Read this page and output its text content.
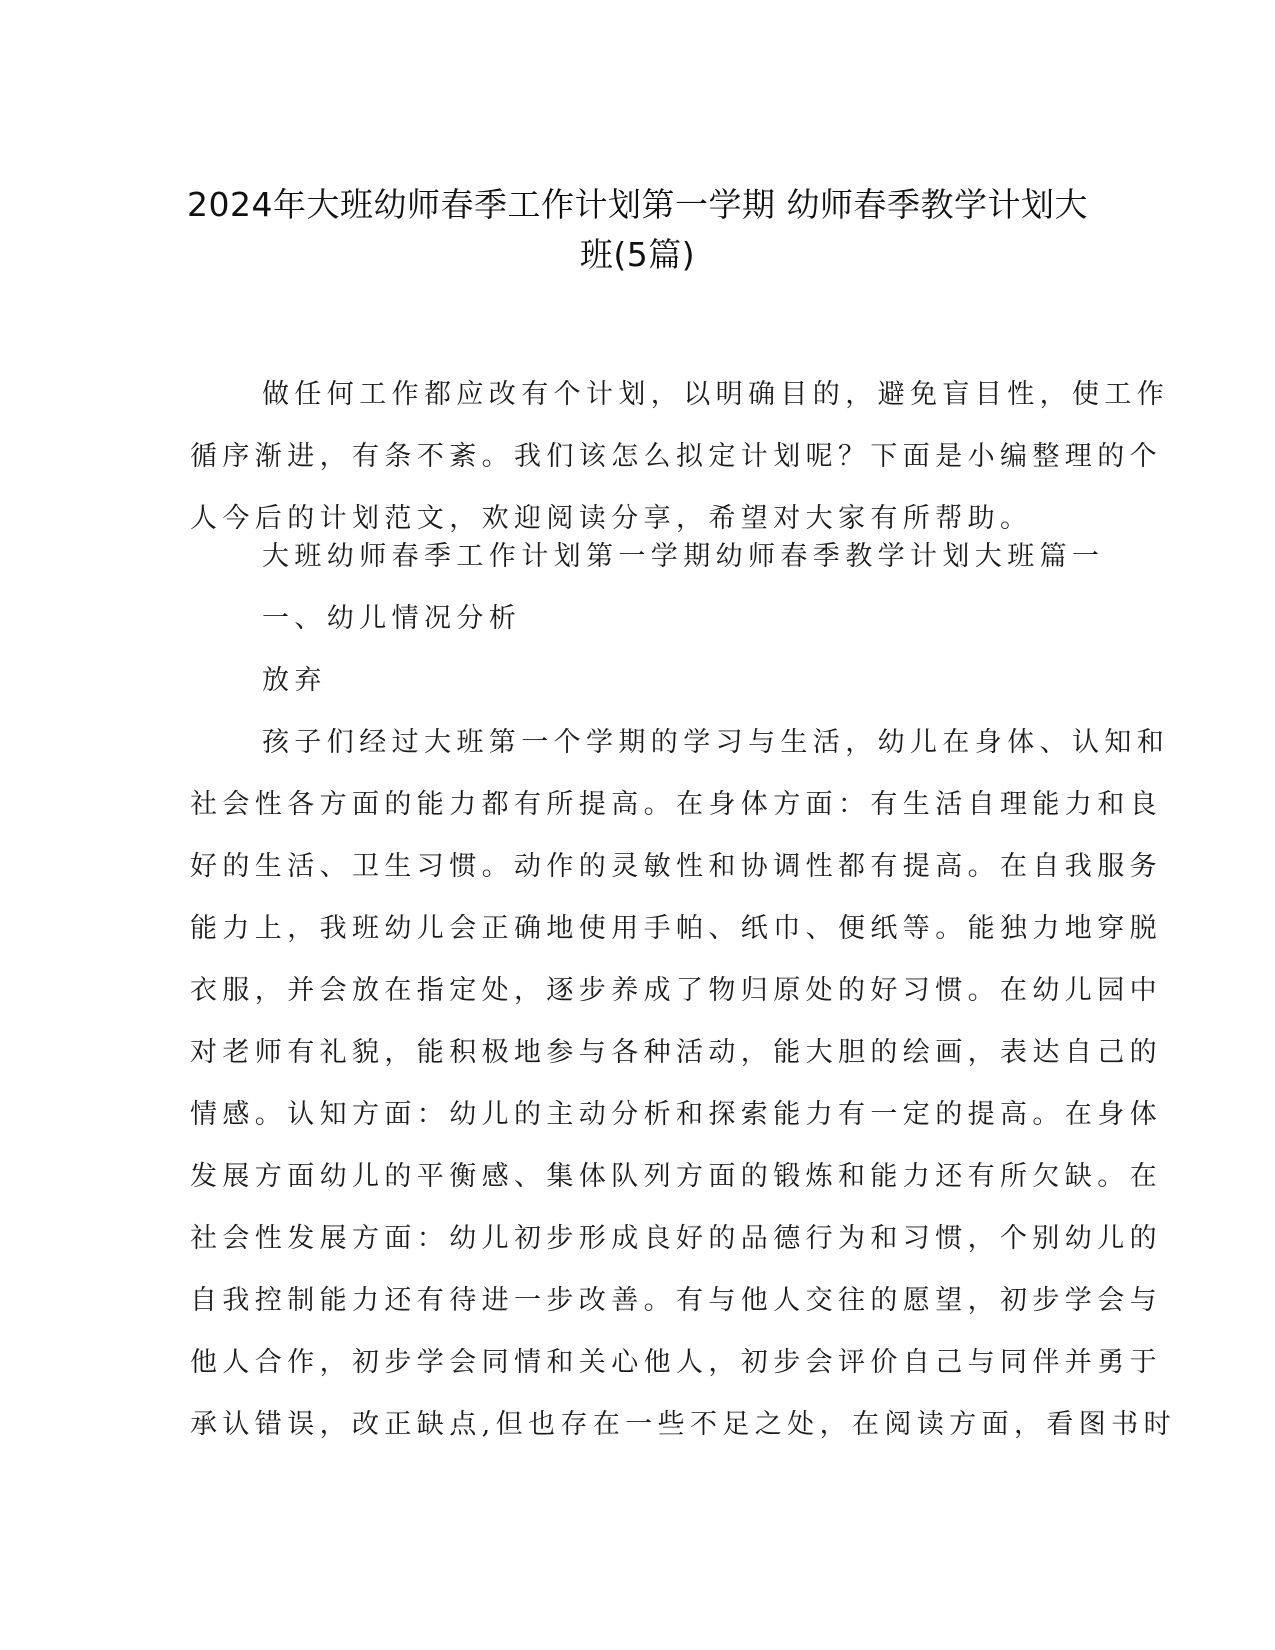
2024年大班幼师春季工作计划第一学期 幼师春季教学计划大
班(5篇)

做任何工作都应改有个计划，以明确目的，避免盲目性，使工作
循序渐进，有条不紊。我们该怎么拟定计划呢？下面是小编整理的个
人今后的计划范文，欢迎阅读分享，希望对大家有所帮助。

大班幼师春季工作计划第一学期幼师春季教学计划大班篇一

一、幼儿情况分析

放弃

孩子们经过大班第一个学期的学习与生活，幼儿在身体、认知和
社会性各方面的能力都有所提高。在身体方面：有生活自理能力和良
好的生活、卫生习惯。动作的灵敏性和协调性都有提高。在自我服务
能力上，我班幼儿会正确地使用手帕、纸巾、便纸等。能独力地穿脱
衣服，并会放在指定处，逐步养成了物归原处的好习惯。在幼儿园中
对老师有礼貌，能积极地参与各种活动，能大胆的绘画，表达自己的
情感。认知方面：幼儿的主动分析和探索能力有一定的提高。在身体
发展方面幼儿的平衡感、集体队列方面的锻炼和能力还有所欠缺。在
社会性发展方面：幼儿初步形成良好的品德行为和习惯，个别幼儿的
自我控制能力还有待进一步改善。有与他人交往的愿望，初步学会与
他人合作，初步学会同情和关心他人，初步会评价自己与同伴并勇于
承认错误，改正缺点,但也存在一些不足之处，在阅读方面，看图书时
